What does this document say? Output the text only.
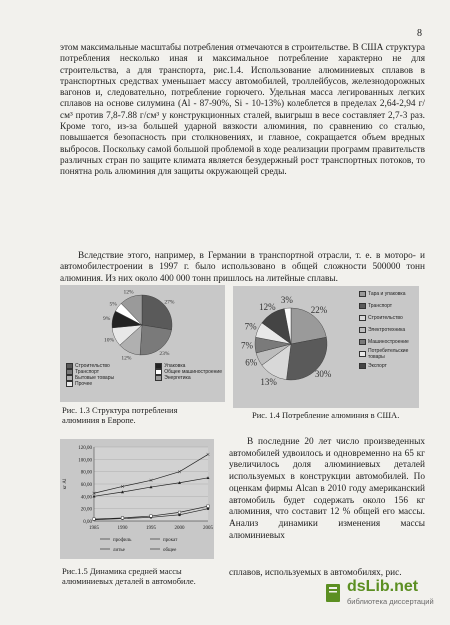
8

этом максимальные масштабы потребления отмечаются в строительстве. В США структура потребления несколько иная и максимальное потребление характерно не для строительства, а для транспорта, рис.1.4. Использование алюминиевых сплавов в транспортных средствах уменьшает массу автомобилей, троллейбусов, железнодорожных вагонов и, следовательно, потребление горючего. Удельная масса легированных легких сплавов на основе силумина (Al - 87-90%, Si - 10-13%) колеблется в пределах 2,64-2,94 г/см³ против 7,8-7.88 г/см³ у конструкционных сталей, выигрыш в весе составляет 2,7-3 раз. Кроме того, из-за большей ударной вязкости алюминия, по сравнению со сталью, повышается безопасность при столкновениях, и главное, сокращается объем вредных выбросов. Поскольку самой большой проблемой в ходе реализации программ правительств различных стран по защите климата является безудержный рост транспортных потоков, то понятна роль алюминия для защиты окружающей среды.

Вследствие этого, например, в Германии в транспортной отрасли, т. е. в моторо- и автомобилестроении в 1997 г. было использовано в общей сложности 500000 тонн алюминия. Из них около 400 000 тонн пришлось на литейные сплавы.

27%
23%
12%
10%
9%
5%
12%
Строительство
Транспорт
Бытовые товары
Прочее
Упаковка
Общее машиностроение
Энергетика
Рис. 1.3 Структура потребления алюминия в Европе.
22%
30%
13%
6%
7%
7%
12%
3%
Тара и упаковка
Транспорт
Строительство
Электротехника
Машиностроение
Потребительские товары
Экспорт
Рис. 1.4 Потребление алюминия в США.
0,00
20,00
40,00
60,00
80,00
100,00
120,00
1985	1990	1995	2000	2005
кг Al
профиль	прокат
литье	общее
Рис.1.5 Динамика средней массы алюминиевых деталей в автомобиле.

В последние 20 лет число произведенных автомобилей удвоилось и одновременно на 65 кг увеличилось доля алюминиевых деталей используемых в конструкции автомобилей. По оценкам фирмы Alcan в 2010 году американский автомобиль будет содержать около 156 кг алюминия, что составит 12 % общей его массы. Анализ динамики изменения массы алюминиевых

сплавов, используемых в автомобилях, рис.

dsLib.net
библиотека диссертаций
